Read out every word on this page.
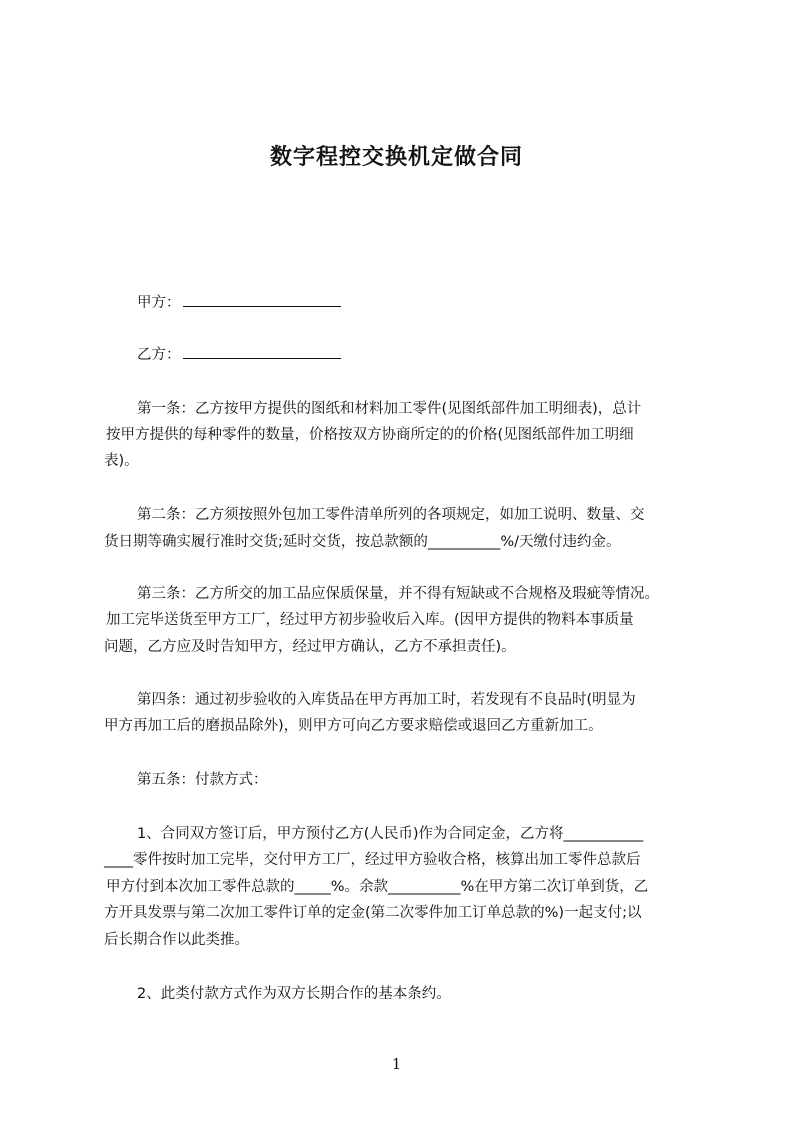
数字程控交换机定做合同
甲方：
乙方：
第一条：乙方按甲方提供的图纸和材料加工零件(见图纸部件加工明细表)，总计
按甲方提供的每种零件的数量，价格按双方协商所定的的价格(见图纸部件加工明细
表)。
第二条：乙方须按照外包加工零件清单所列的各项规定，如加工说明、数量、交
货日期等确实履行准时交货;延时交货，按总款额的__________%/天缴付违约金。
第三条：乙方所交的加工品应保质保量，并不得有短缺或不合规格及瑕疵等情况。
加工完毕送货至甲方工厂，经过甲方初步验收后入库。(因甲方提供的物料本事质量
问题，乙方应及时告知甲方，经过甲方确认，乙方不承担责任)。
第四条：通过初步验收的入库货品在甲方再加工时，若发现有不良品时(明显为
甲方再加工后的磨损品除外)，则甲方可向乙方要求赔偿或退回乙方重新加工。
第五条：付款方式：
1、合同双方签订后，甲方预付乙方(人民币)作为合同定金，乙方将___________
____零件按时加工完毕，交付甲方工厂，经过甲方验收合格，核算出加工零件总款后
甲方付到本次加工零件总款的_____%。余款__________%在甲方第二次订单到货，乙
方开具发票与第二次加工零件订单的定金(第二次零件加工订单总款的%)一起支付;以
后长期合作以此类推。
2、此类付款方式作为双方长期合作的基本条约。
1
